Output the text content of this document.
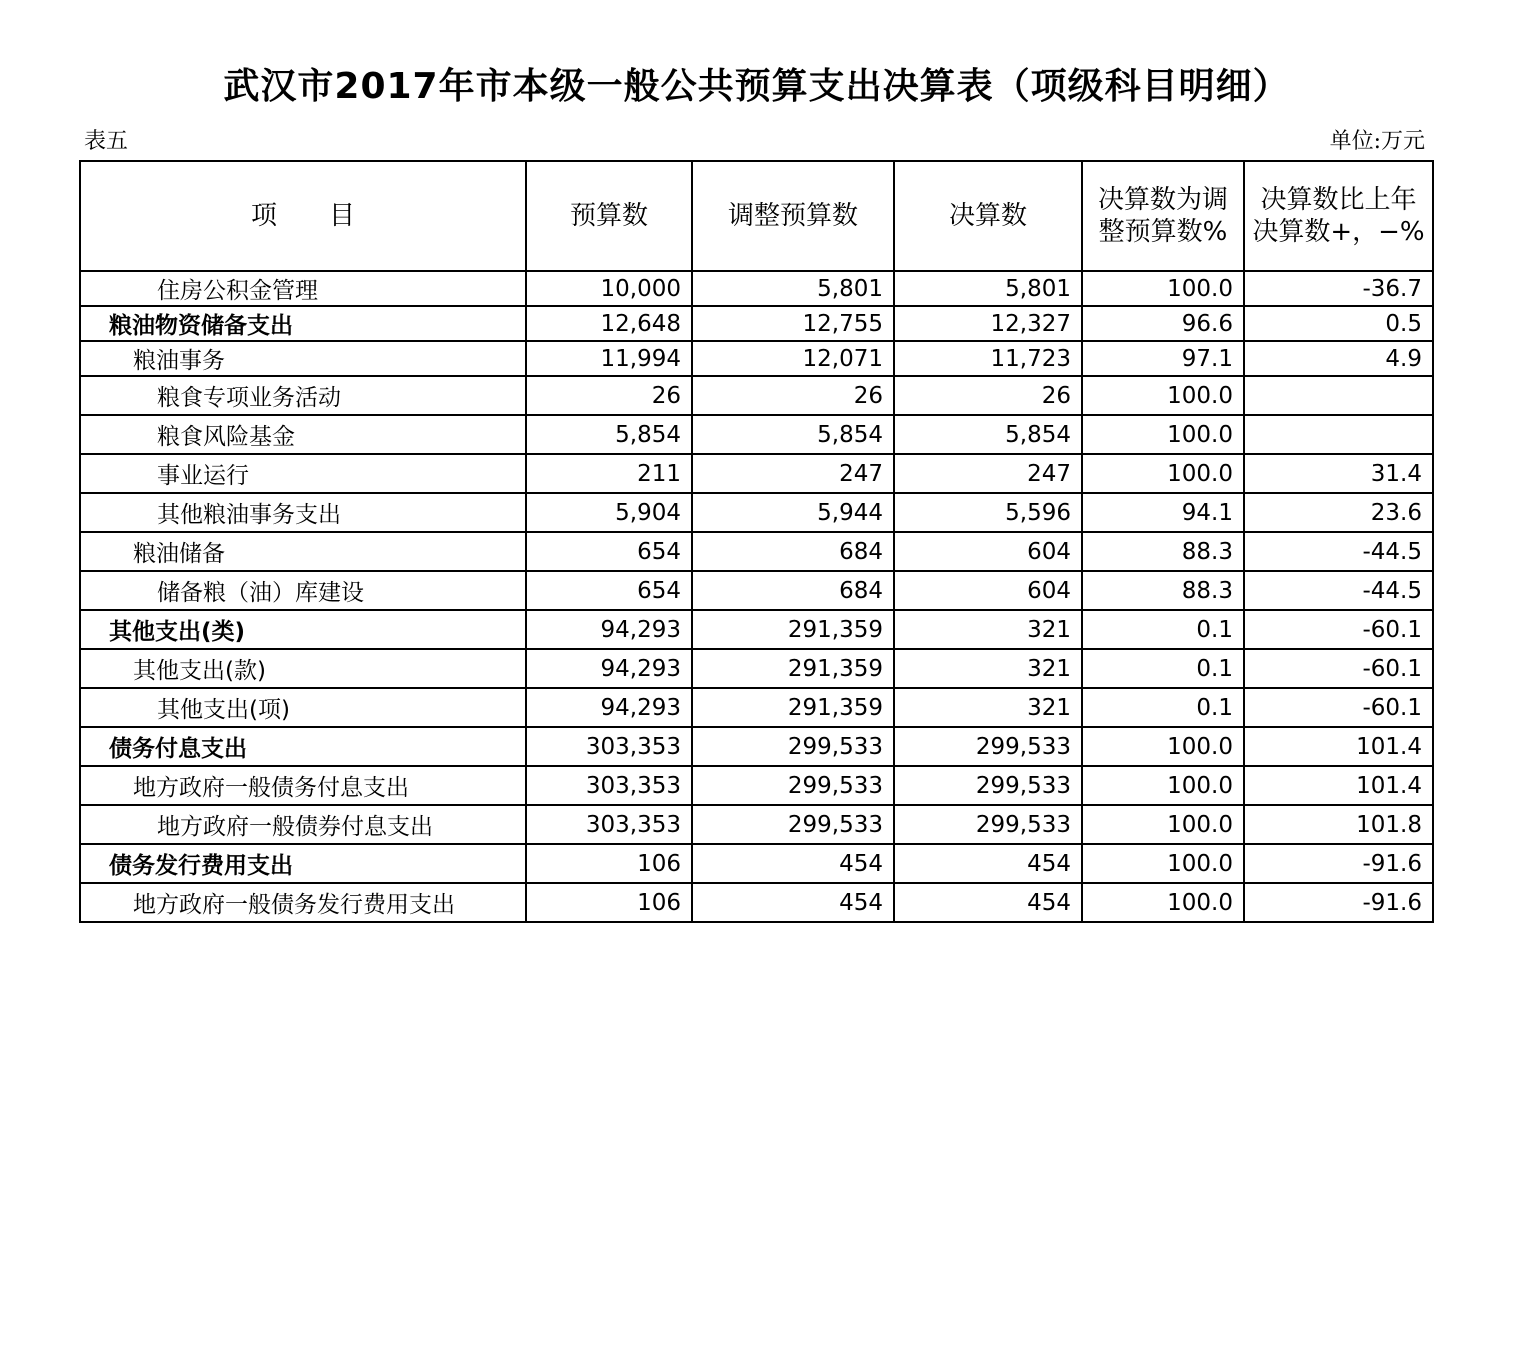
武汉市2017年市本级一般公共预算支出决算表（项级科目明细）
表五	单位:万元
项　　目	预算数	调整预算数	决算数	决算数为调整预算数%	决算数比上年决算数+，−%
住房公积金管理	10,000	5,801	5,801	100.0	-36.7
粮油物资储备支出	12,648	12,755	12,327	96.6	0.5
粮油事务	11,994	12,071	11,723	97.1	4.9
粮食专项业务活动	26	26	26	100.0	
粮食风险基金	5,854	5,854	5,854	100.0	
事业运行	211	247	247	100.0	31.4
其他粮油事务支出	5,904	5,944	5,596	94.1	23.6
粮油储备	654	684	604	88.3	-44.5
储备粮（油）库建设	654	684	604	88.3	-44.5
其他支出(类)	94,293	291,359	321	0.1	-60.1
其他支出(款)	94,293	291,359	321	0.1	-60.1
其他支出(项)	94,293	291,359	321	0.1	-60.1
债务付息支出	303,353	299,533	299,533	100.0	101.4
地方政府一般债务付息支出	303,353	299,533	299,533	100.0	101.4
地方政府一般债券付息支出	303,353	299,533	299,533	100.0	101.8
债务发行费用支出	106	454	454	100.0	-91.6
地方政府一般债务发行费用支出	106	454	454	100.0	-91.6
